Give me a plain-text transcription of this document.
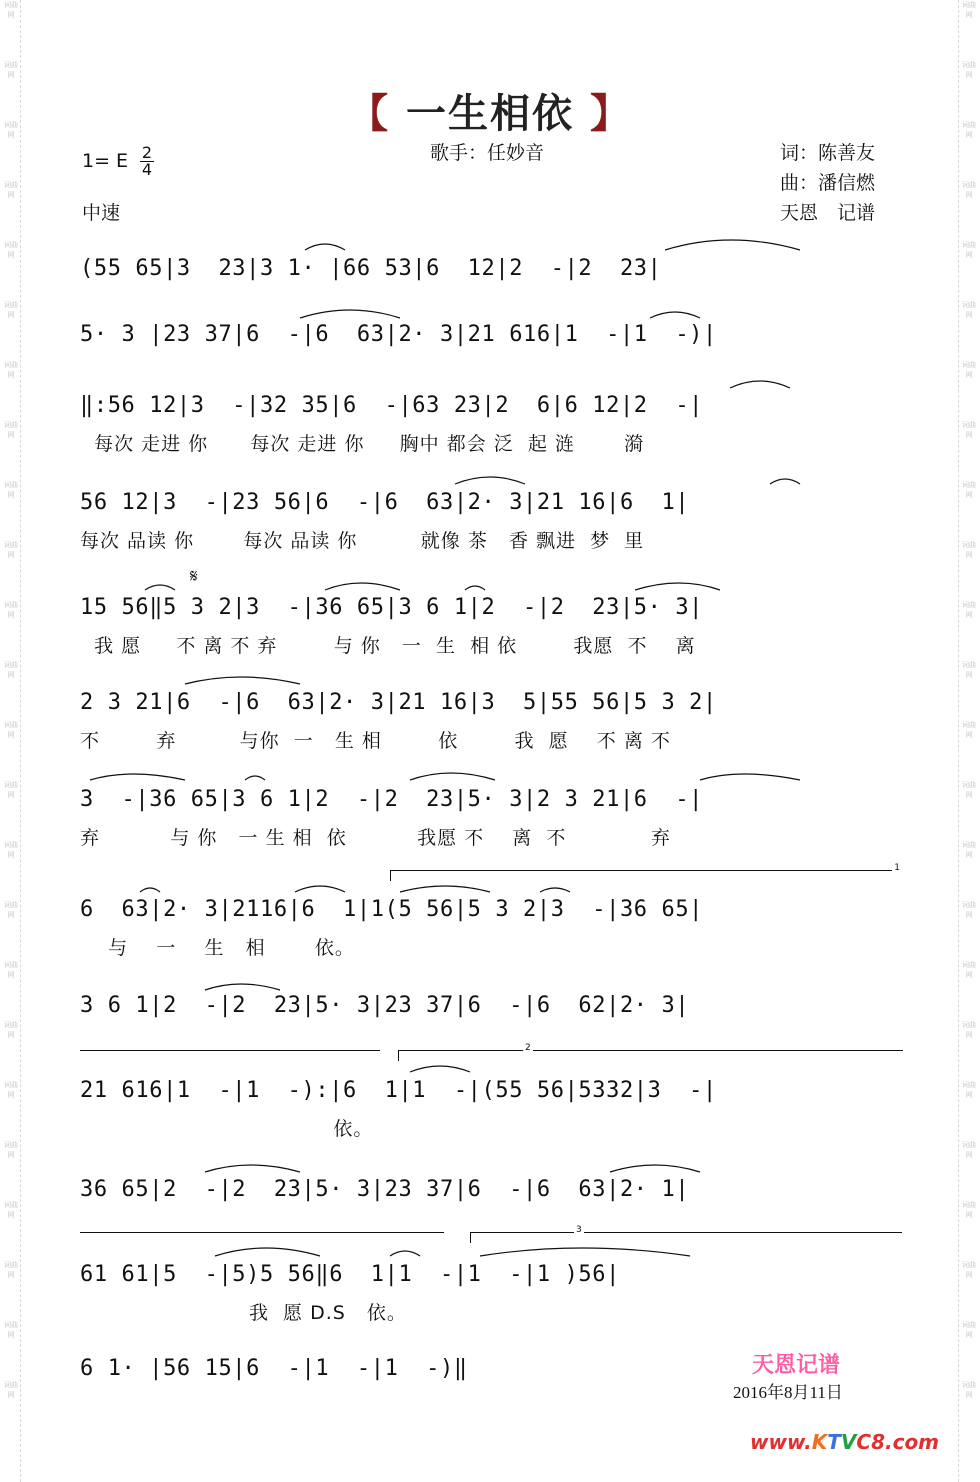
词曲网
词曲网
词曲网
词曲网
词曲网
词曲网
词曲网
词曲网
词曲网
词曲网
词曲网
词曲网
词曲网
词曲网
词曲网
词曲网
词曲网
词曲网
词曲网
词曲网
词曲网
词曲网
词曲网
词曲网
词曲网
词曲网
词曲网
词曲网
词曲网
词曲网
词曲网
词曲网
词曲网
词曲网
词曲网
词曲网
词曲网
词曲网
词曲网
词曲网
词曲网
词曲网
词曲网
词曲网
词曲网
词曲网
词曲网
词曲网
【 一生相依 】
歌手：任妙音	词：陈善友
曲：潘信燃
天恩　记谱
1= E 2
4
中速
(55 65|3  23|3 1· |66 53|6  12|2  -|2  23|
5· 3 |23 37|6  -|6  63|2· 3|21 616|1  -|1  -)|
‖:56 12|3  -|32 35|6  -|63 23|2  6|6 12|2  -|
每次 走进 你      每次 走进 你     胸中 都会 泛  起 涟       漪
56 12|3  -|23 56|6  -|6  63|2· 3|21 16|6  1|
每次 品读 你       每次 品读 你         就像 茶   香 飘进  梦  里
15 56‖5 3 2|3  -|36 65|3 6 1|2  -|2  23|5· 3|
我 愿     不 离 不 弃        与 你   一  生  相 依        我愿  不    离
2 3 21|6  -|6  63|2· 3|21 16|3  5|55 56|5 3 2|
不        弃         与你  一   生 相        依        我  愿    不 离 不
3  -|36 65|3 6 1|2  -|2  23|5· 3|2 3 21|6  -|
弃          与 你   一 生 相  依          我愿 不    离  不            弃
6  63|2· 3|2116|6  1|1(5 56|5 3 2|3  -|36 65|
与    一    生   相       依。
3 6 1|2  -|2  23|5· 3|23 37|6  -|6  62|2· 3|
21 616|1  -|1  -):|6  1|1  -|(55 56|5332|3  -|
依。
36 65|2  -|2  23|5· 3|23 37|6  -|6  63|2· 1|
61 61|5  -|5)5 56‖6  1|1  -|1  -|1 )56|
我  愿 D.S   依。
6 1· |56 15|6  -|1  -|1  -)‖
𝄋
1
2
3
天恩记谱
2016年8月11日
www.KTVC8.com
